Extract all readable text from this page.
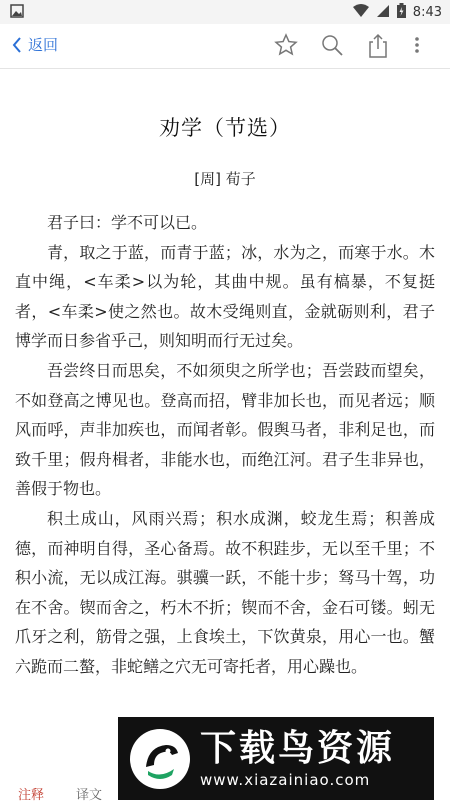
8:43
返回
劝学（节选）
[周] 荀子

君子曰：学不可以已。

青，取之于蓝，而青于蓝；冰，水为之，而寒于水。木直中绳，<车柔>以为轮，其曲中规。虽有槁暴，不复挺者，<车柔>使之然也。故木受绳则直，金就砺则利，君子博学而日参省乎己，则知明而行无过矣。

吾尝终日而思矣，不如须臾之所学也；吾尝跂而望矣，不如登高之博见也。登高而招，臂非加长也，而见者远；顺风而呼，声非加疾也，而闻者彰。假舆马者，非利足也，而致千里；假舟楫者，非能水也，而绝江河。君子生非异也，善假于物也。

积土成山，风雨兴焉；积水成渊，蛟龙生焉；积善成德，而神明自得，圣心备焉。故不积跬步，无以至千里；不积小流，无以成江海。骐骥一跃，不能十步；驽马十驾，功在不舍。锲而舍之，朽木不折；锲而不舍，金石可镂。蚓无爪牙之利，筋骨之强，上食埃土，下饮黄泉，用心一也。蟹六跪而二螯，非蛇鳝之穴无可寄托者，用心躁也。

注释 译文
下载鸟资源
www.xiazainiao.com
